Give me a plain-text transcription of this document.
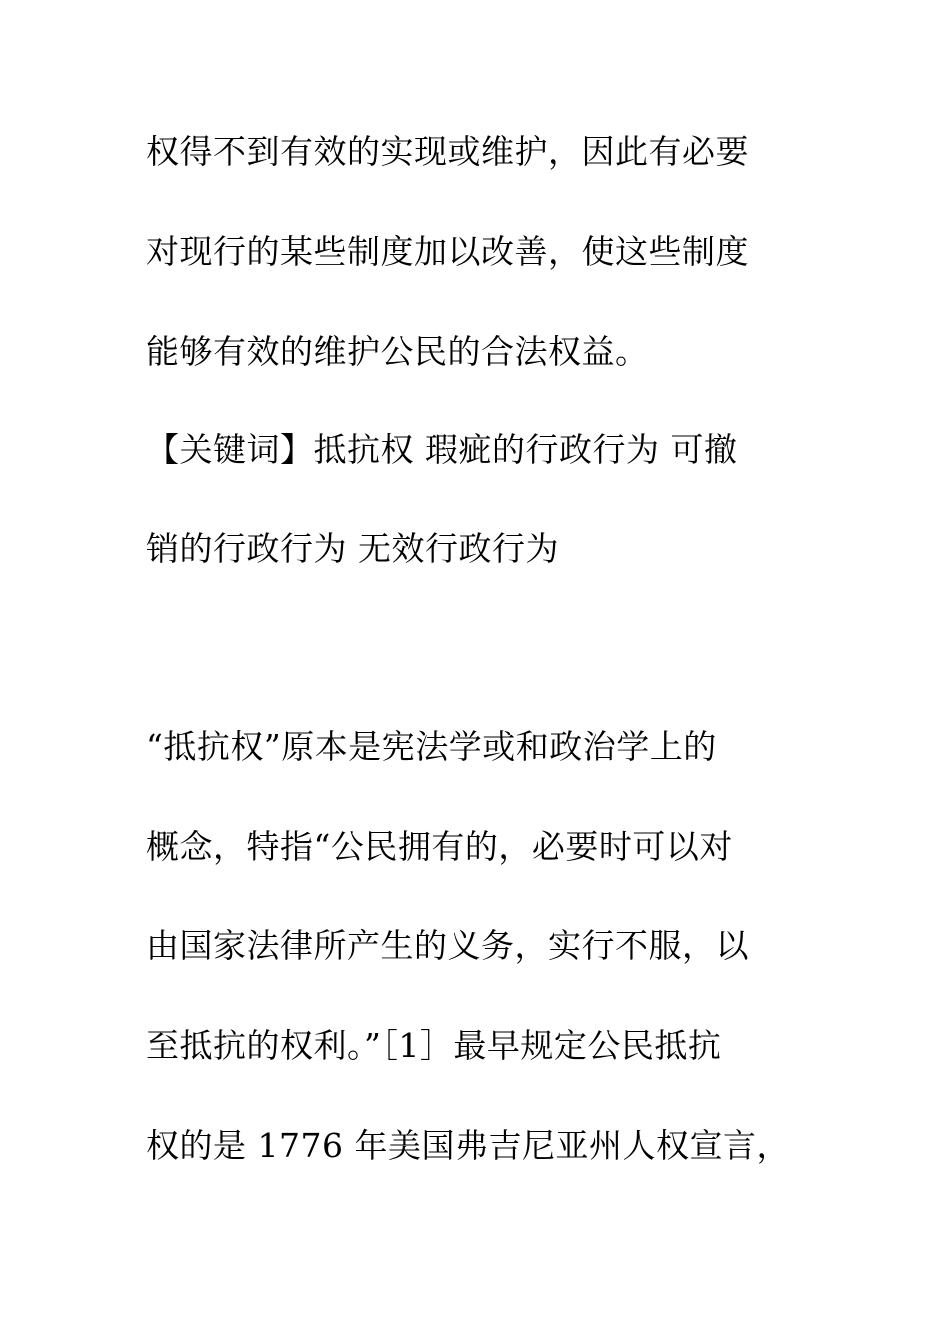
权得不到有效的实现或维护，因此有必要
对现行的某些制度加以改善，使这些制度
能够有效的维护公民的合法权益。
【关键词】抵抗权 瑕疵的行政行为 可撤
销的行政行为 无效行政行为
“抵抗权”原本是宪法学或和政治学上的
概念，特指“公民拥有的，必要时可以对
由国家法律所产生的义务，实行不服，以
至抵抗的权利。”［1］最早规定公民抵抗
权的是 1776 年美国弗吉尼亚州人权宣言，
